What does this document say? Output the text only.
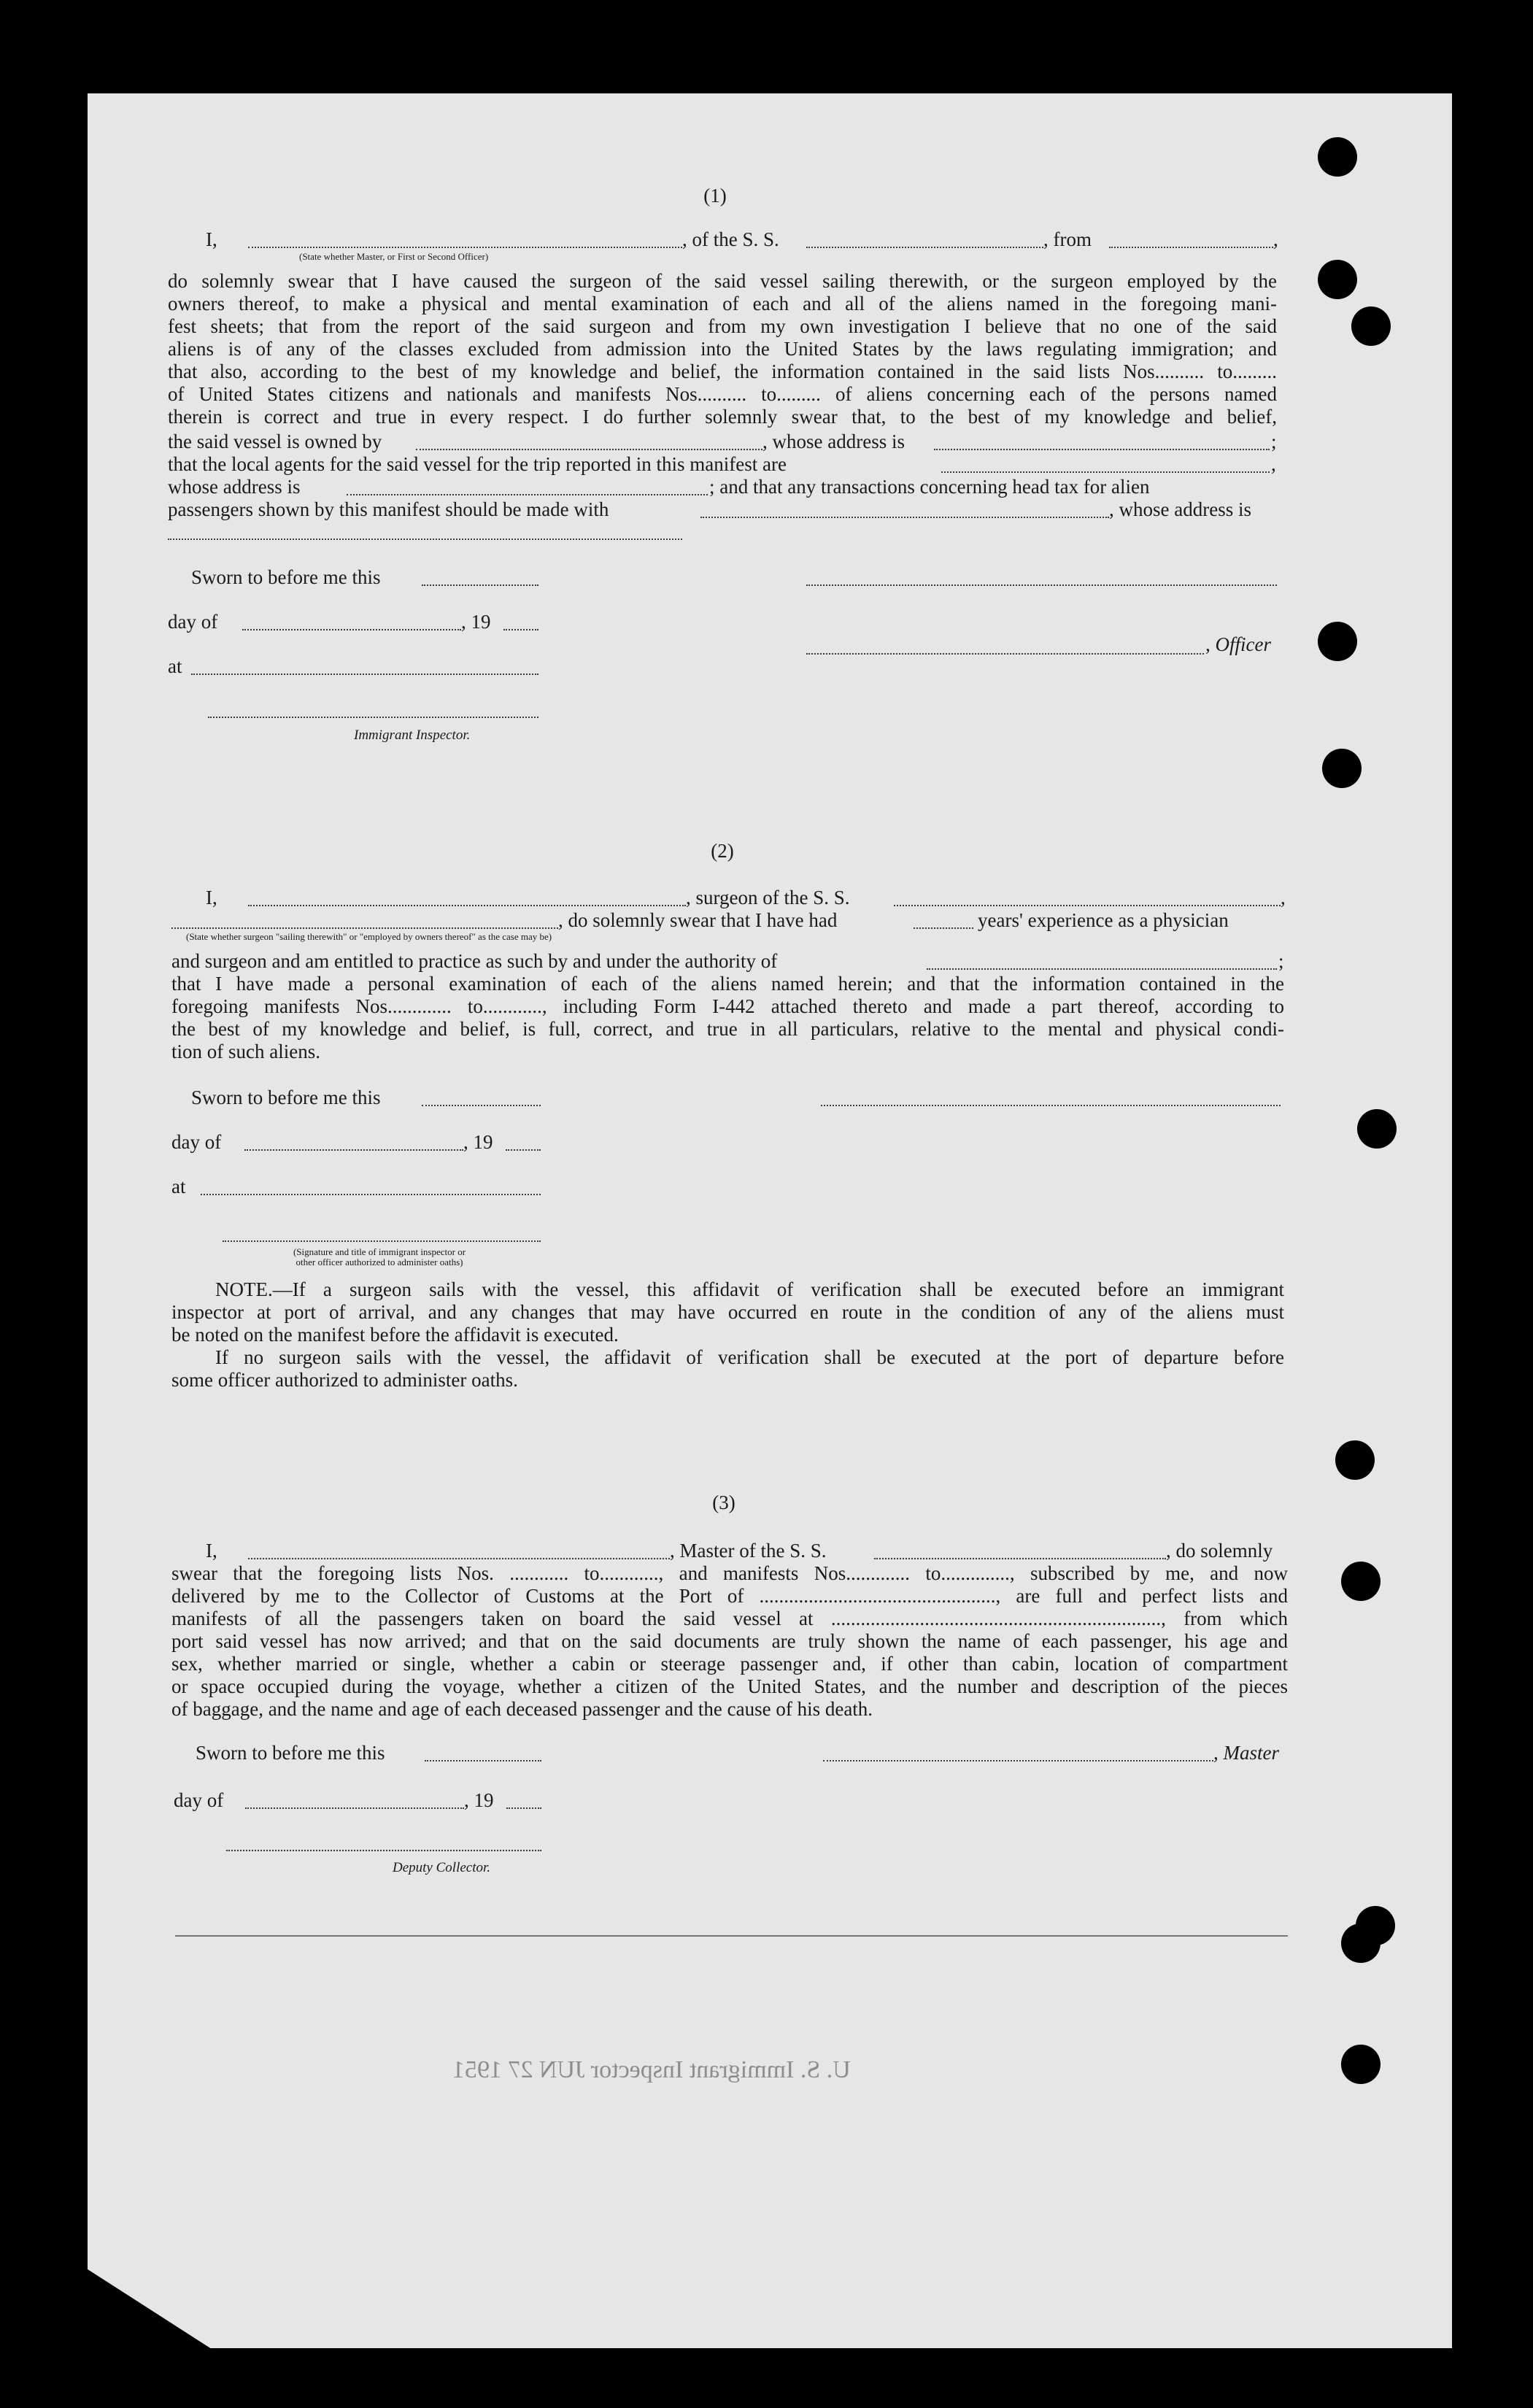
(1)
I,
(State whether Master, or First or Second Officer)
, of the S. S.	, from	,
do solemnly swear that I have caused the surgeon of the said vessel sailing therewith, or the surgeon employed by the
owners thereof, to make a physical and mental examination of each and all of the aliens named in the foregoing mani-
fest sheets; that from the report of the said surgeon and from my own investigation I believe that no one of the said
aliens is of any of the classes excluded from admission into the United States by the laws regulating immigration; and
that also, according to the best of my knowledge and belief, the information contained in the said lists Nos.......... to.........
of United States citizens and nationals and manifests Nos.......... to......... of aliens concerning each of the persons named
therein is correct and true in every respect. I do further solemnly swear that, to the best of my knowledge and belief,
the said vessel is owned by	, whose address is	;
that the local agents for the said vessel for the trip reported in this manifest are	,
whose address is	; and that any transactions concerning head tax for alien
passengers shown by this manifest should be made with	, whose address is
Sworn to before me this
day of	, 19
, Officer
at
Immigrant Inspector.
(2)
I,	, surgeon of the S. S.	,
, do solemnly swear that I have had	years' experience as a physician
(State whether surgeon "sailing therewith" or "employed by owners thereof" as the case may be)
and surgeon and am entitled to practice as such by and under the authority of	;
that I have made a personal examination of each of the aliens named herein; and that the information contained in the
foregoing manifests Nos............. to............, including Form I-442 attached thereto and made a part thereof, according to
the best of my knowledge and belief, is full, correct, and true in all particulars, relative to the mental and physical condi-
tion of such aliens.
Sworn to before me this
day of	, 19
at
(Signature and title of immigrant inspector or
other officer authorized to administer oaths)
NOTE.—If a surgeon sails with the vessel, this affidavit of verification shall be executed before an immigrant
inspector at port of arrival, and any changes that may have occurred en route in the condition of any of the aliens must
be noted on the manifest before the affidavit is executed.
If no surgeon sails with the vessel, the affidavit of verification shall be executed at the port of departure before
some officer authorized to administer oaths.
(3)
I,	, Master of the S. S.	, do solemnly
swear that the foregoing lists Nos. ............ to............, and manifests Nos............. to.............., subscribed by me, and now
delivered by me to the Collector of Customs at the Port of ................................................, are full and perfect lists and
manifests of all the passengers taken on board the said vessel at ..................................................................., from which
port said vessel has now arrived; and that on the said documents are truly shown the name of each passenger, his age and
sex, whether married or single, whether a cabin or steerage passenger and, if other than cabin, location of compartment
or space occupied during the voyage, whether a citizen of the United States, and the number and description of the pieces
of baggage, and the name and age of each deceased passenger and the cause of his death.
Sworn to before me this	, Master
day of	, 19
Deputy Collector.
U. S. Immigrant Inspector JUN 27 1951
